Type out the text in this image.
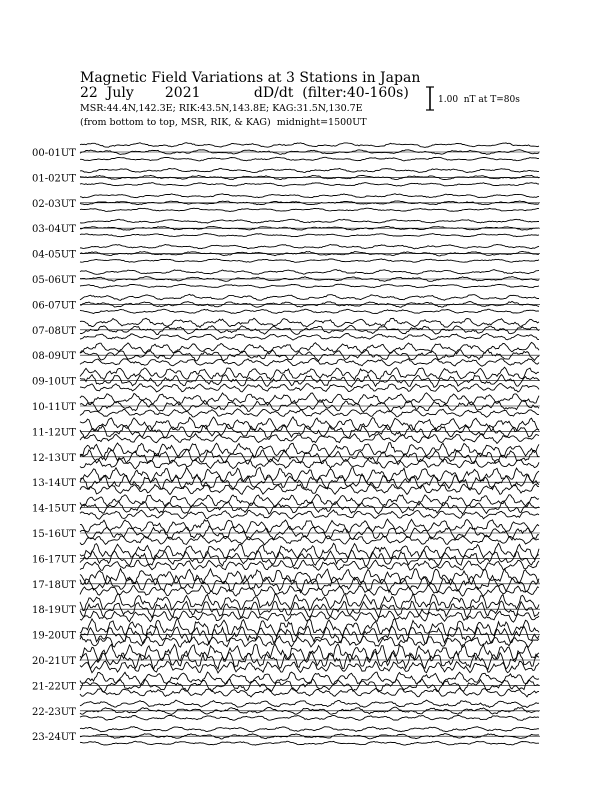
Magnetic Field Variations at 3 Stations in Japan
22  July       2021            dD/dt  (filter:40-160s)
MSR:44.4N,142.3E; RIK:43.5N,143.8E; KAG:31.5N,130.7E
(from bottom to top, MSR, RIK, & KAG)  midnight=1500UT
1.00  nT at T=80s
00-01UT
01-02UT
02-03UT
03-04UT
04-05UT
05-06UT
06-07UT
07-08UT
08-09UT
09-10UT
10-11UT
11-12UT
12-13UT
13-14UT
14-15UT
15-16UT
16-17UT
17-18UT
18-19UT
19-20UT
20-21UT
21-22UT
22-23UT
23-24UT
